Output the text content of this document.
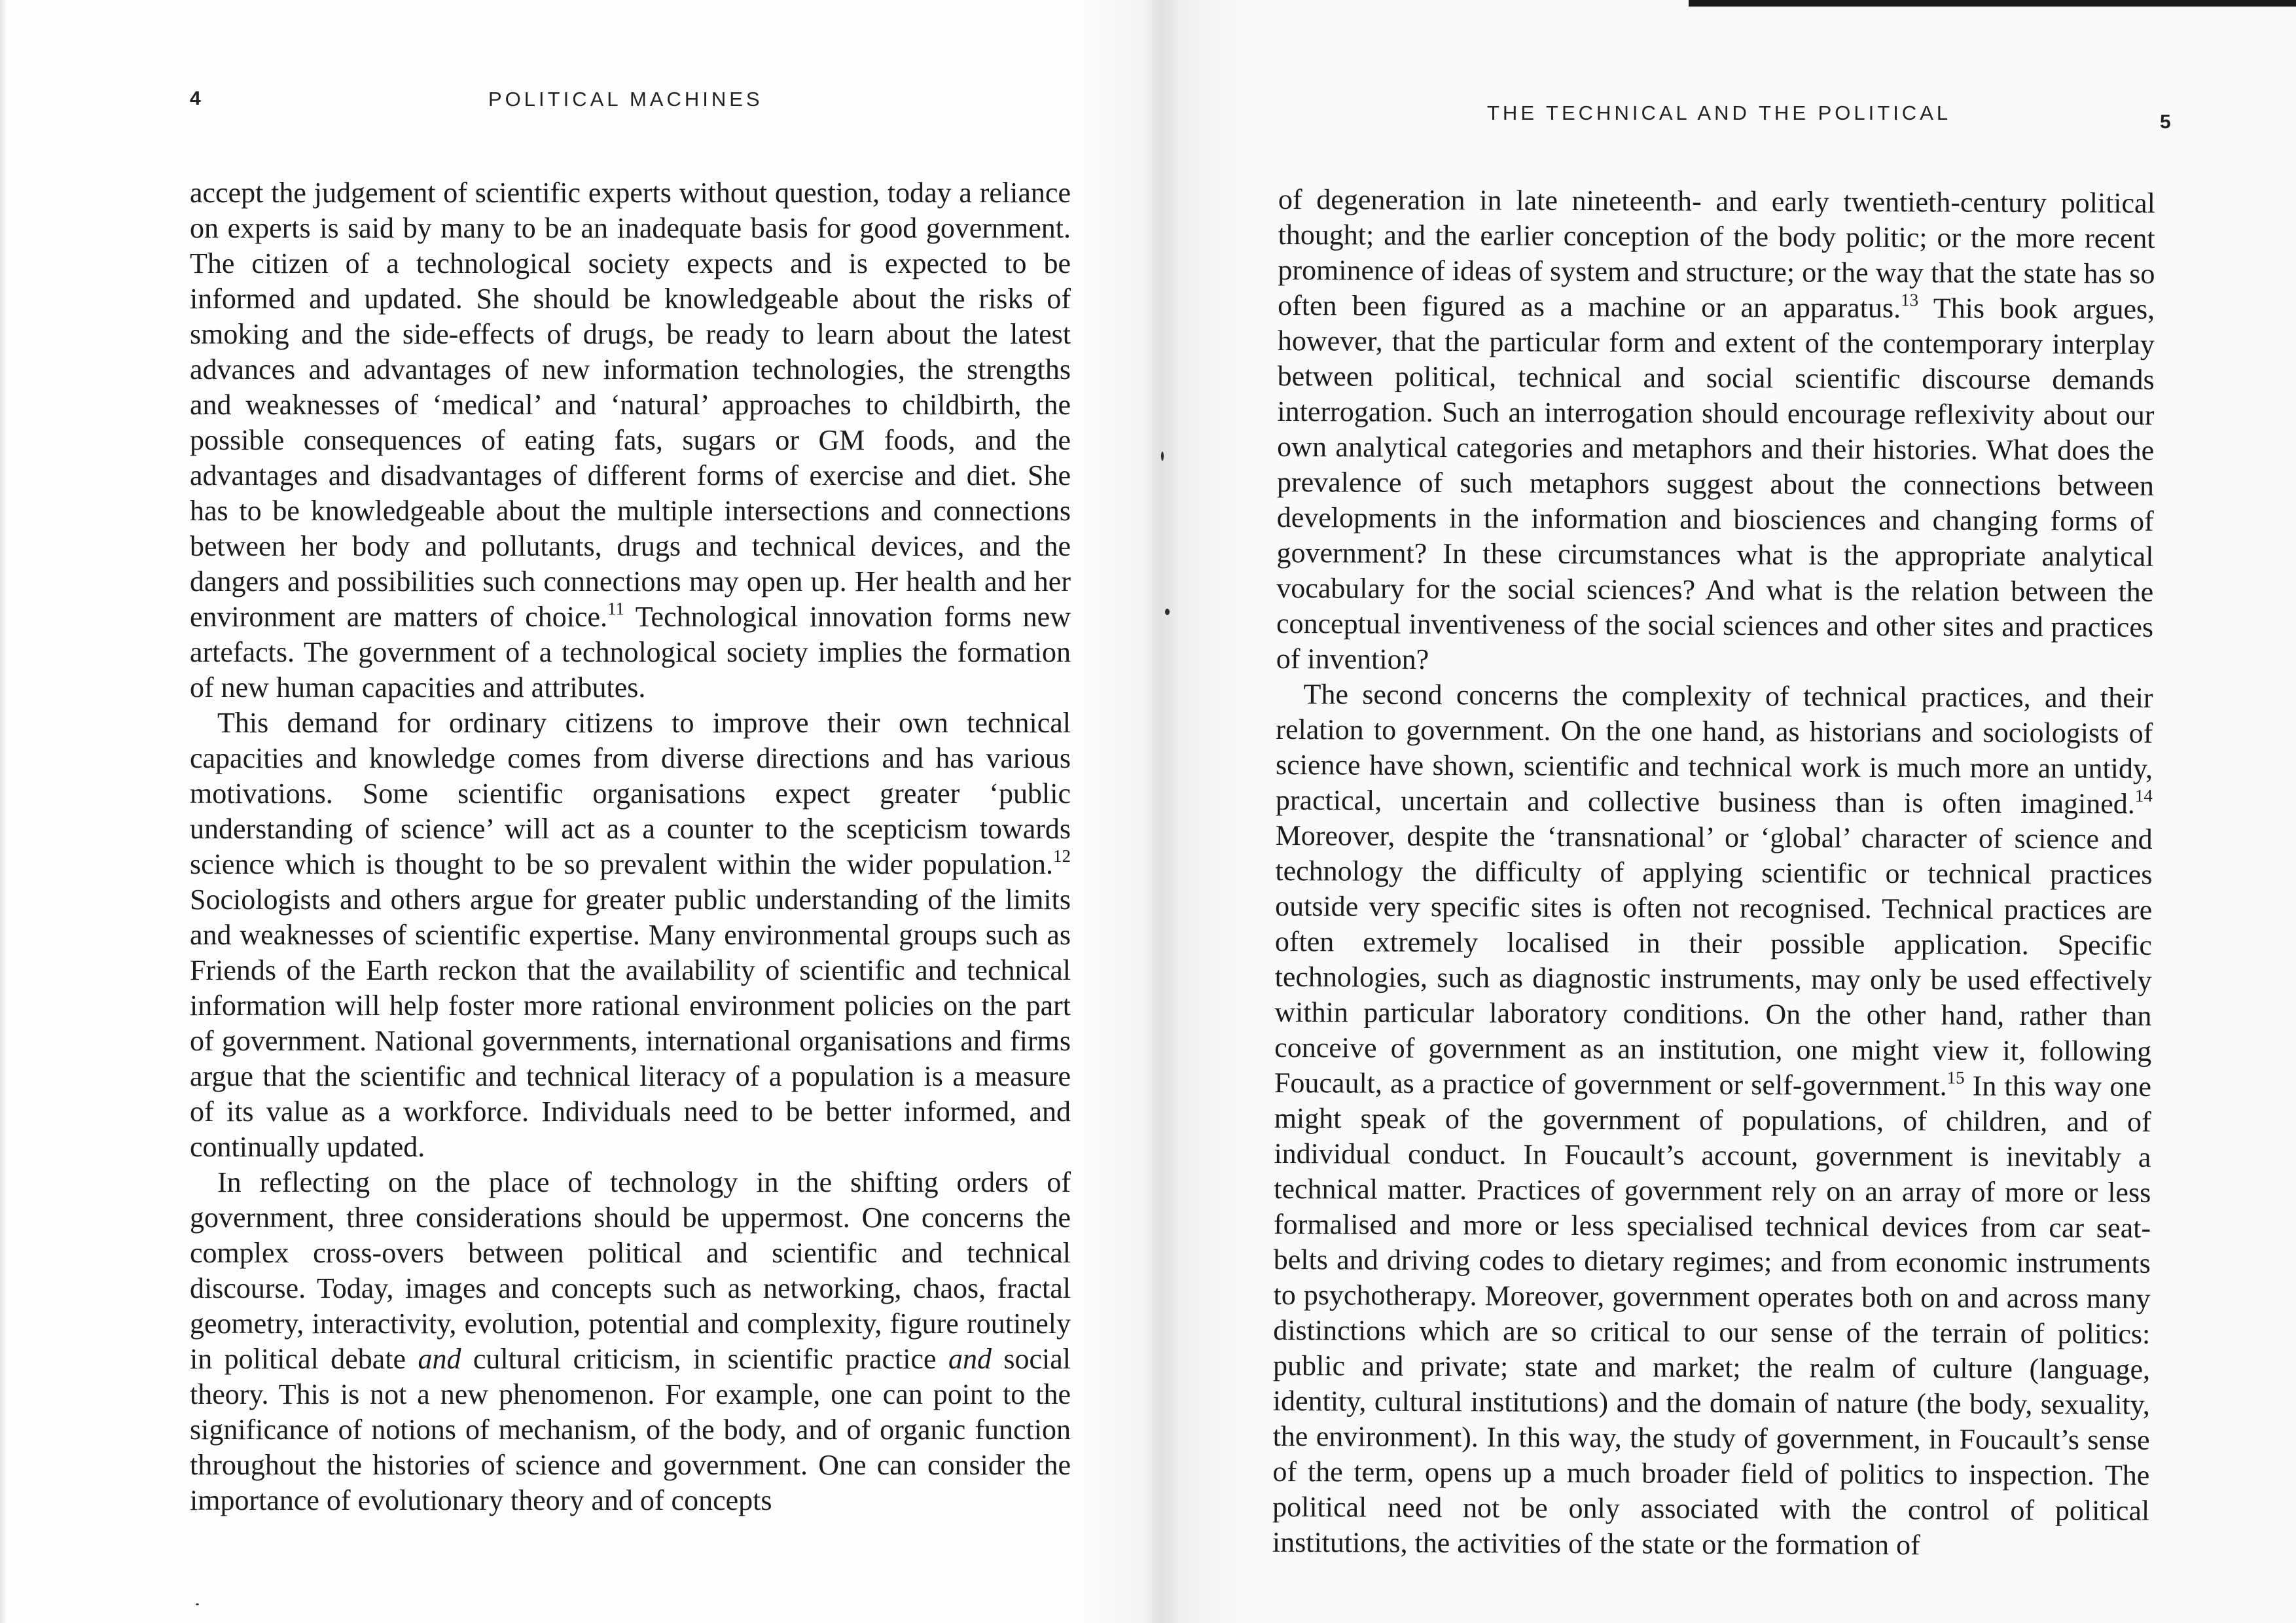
4	POLITICAL MACHINES

accept the judgement of scientific experts without question, today a reliance on experts is said by many to be an inadequate basis for good government. The citizen of a technological society expects and is expected to be informed and updated. She should be knowledgeable about the risks of smoking and the side-effects of drugs, be ready to learn about the latest advances and advantages of new information technologies, the strengths and weaknesses of ‘medical’ and ‘natural’ approaches to childbirth, the possible consequences of eating fats, sugars or GM foods, and the advantages and disadvantages of different forms of exercise and diet. She has to be knowledgeable about the multiple intersections and connections between her body and pollutants, drugs and technical devices, and the dangers and possibilities such connections may open up. Her health and her environment are matters of choice.$^{11}$ Technological innovation forms new artefacts. The government of a technological society implies the formation of new human capacities and attributes.

This demand for ordinary citizens to improve their own technical capacities and knowledge comes from diverse directions and has various motivations. Some scientific organisations expect greater ‘public understanding of science’ will act as a counter to the scepticism towards science which is thought to be so prevalent within the wider population.$^{12}$ Sociologists and others argue for greater public understanding of the limits and weaknesses of scientific expertise. Many environmental groups such as Friends of the Earth reckon that the availability of scientific and technical information will help foster more rational environment policies on the part of government. National governments, international organisations and firms argue that the scientific and technical literacy of a population is a measure of its value as a workforce. Individuals need to be better informed, and continually updated.

In reflecting on the place of technology in the shifting orders of government, three considerations should be uppermost. One concerns the complex cross-overs between political and scientific and technical discourse. Today, images and concepts such as networking, chaos, fractal geometry, interactivity, evolution, potential and complexity, figure routinely in political debate and cultural criticism, in scientific practice and social theory. This is not a new phenomenon. For example, one can point to the significance of notions of mechanism, of the body, and of organic function throughout the histories of science and government. One can consider the importance of evolutionary theory and of concepts

5
THE TECHNICAL AND THE POLITICAL

of degeneration in late nineteenth- and early twentieth-century political thought; and the earlier conception of the body politic; or the more recent prominence of ideas of system and structure; or the way that the state has so often been figured as a machine or an apparatus.$^{13}$ This book argues, however, that the particular form and extent of the contemporary interplay between political, technical and social scientific discourse demands interrogation. Such an interrogation should encourage reflexivity about our own analytical categories and metaphors and their histories. What does the prevalence of such metaphors suggest about the connections between developments in the information and biosciences and changing forms of government? In these circumstances what is the appropriate analytical vocabulary for the social sciences? And what is the relation between the conceptual inventiveness of the social sciences and other sites and practices of invention?

The second concerns the complexity of technical practices, and their relation to government. On the one hand, as historians and sociologists of science have shown, scientific and technical work is much more an untidy, practical, uncertain and collective business than is often imagined.$^{14}$ Moreover, despite the ‘transnational’ or ‘global’ character of science and technology the difficulty of applying scientific or technical practices outside very specific sites is often not recognised. Technical practices are often extremely localised in their possible application. Specific technologies, such as diagnostic instruments, may only be used effectively within particular laboratory conditions. On the other hand, rather than conceive of government as an institution, one might view it, following Foucault, as a practice of government or self-government.$^{15}$ In this way one might speak of the government of populations, of children, and of individual conduct. In Foucault’s account, government is inevitably a technical matter. Practices of government rely on an array of more or less formalised and more or less specialised technical devices from car seat-belts and driving codes to dietary regimes; and from economic instruments to psychotherapy. Moreover, government operates both on and across many distinctions which are so critical to our sense of the terrain of politics: public and private; state and market; the realm of culture (language, identity, cultural institutions) and the domain of nature (the body, sexuality, the environment). In this way, the study of government, in Foucault’s sense of the term, opens up a much broader field of politics to inspection. The political need not be only associated with the control of political institutions, the activities of the state or the formation of
